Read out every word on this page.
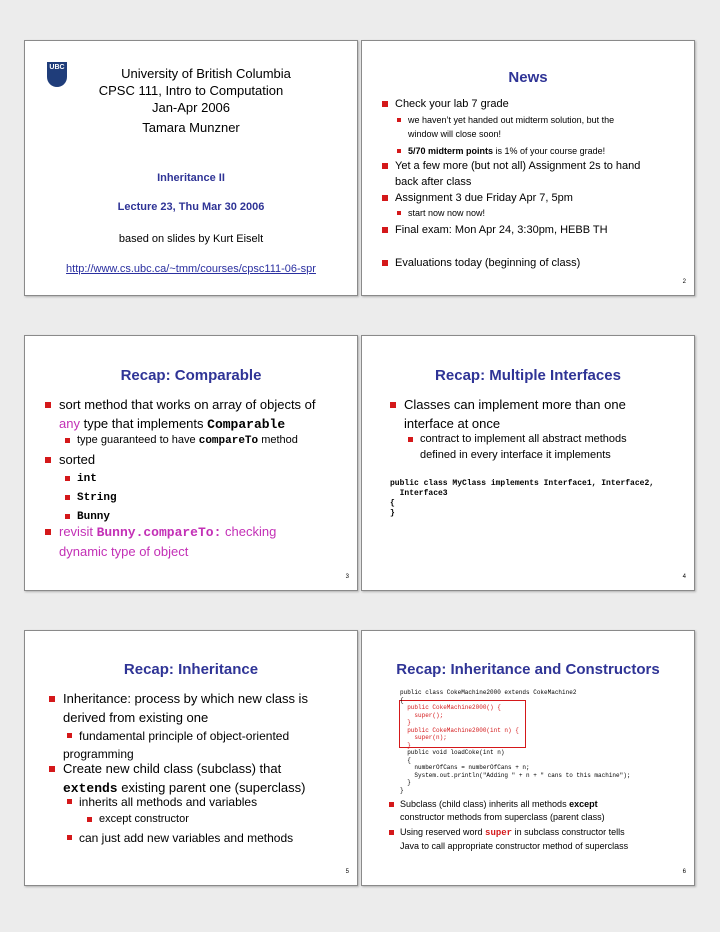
UBC	University of British Columbia
CPSC 111, Intro to Computation
Jan-Apr 2006
Tamara Munzner
Inheritance II
Lecture 23, Thu Mar 30 2006
based on slides by Kurt Eiselt
http://www.cs.ubc.ca/~tmm/courses/cpsc111-06-spr
News
Check your lab 7 grade
we haven’t yet handed out midterm solution, but the
window will close soon!
5/70 midterm points is 1% of your course grade!
Yet a few more (but not all) Assignment 2s to hand
back after class
Assignment 3 due Friday Apr 7, 5pm
start now now now!
Final exam: Mon Apr 24, 3:30pm, HEBB TH
Evaluations today (beginning of class)
2
Recap: Comparable
sort method that works on array of objects of
any type that implements Comparable
type guaranteed to have compareTo method
sorted
int
String
Bunny
revisit Bunny.compareTo: checking
dynamic type of object
3
Recap: Multiple Interfaces
Classes can implement more than one
interface at once
contract to implement all abstract methods
defined in every interface it implements
public class MyClass implements Interface1, Interface2,
Interface3
{
}
4
Recap: Inheritance
Inheritance: process by which new class is
derived from existing one
fundamental principle of object-oriented
programming
Create new child class (subclass) that
extends existing parent one (superclass)
inherits all methods and variables
except constructor
can just add new variables and methods
5
Recap: Inheritance and Constructors
public class CokeMachine2000 extends CokeMachine2
{
public CokeMachine2000() {
super();
}
public CokeMachine2000(int n) {
super(n);
}
public void loadCoke(int n)
{
numberOfCans = numberOfCans + n;
System.out.println("Adding " + n + " cans to this machine");
}
}
Subclass (child class) inherits all methods except
constructor methods from superclass (parent class)
Using reserved word super in subclass constructor tells
Java to call appropriate constructor method of superclass
6
